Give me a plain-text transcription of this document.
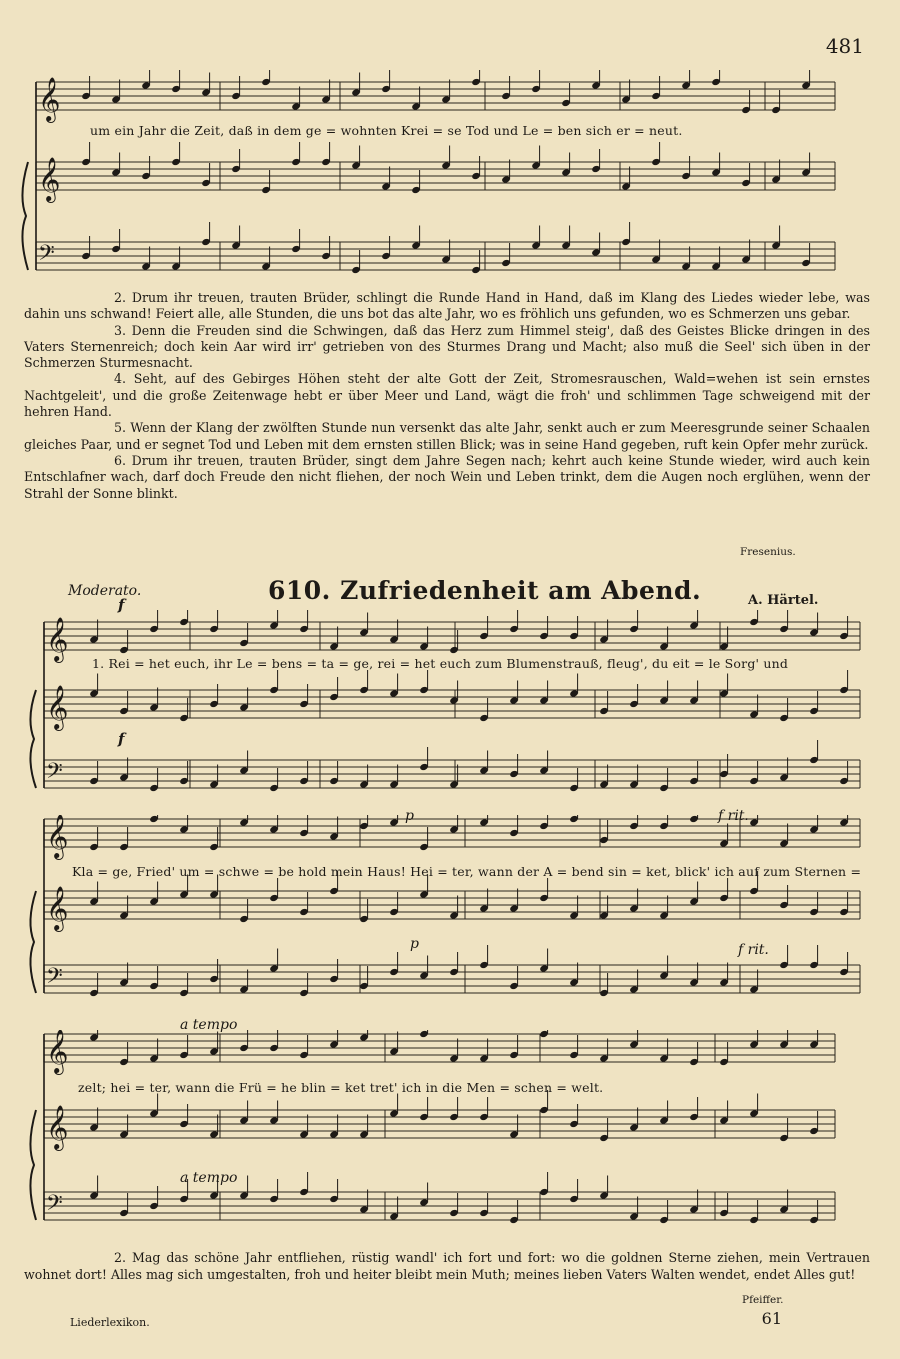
481
𝄞
𝄞
𝄢
um ein Jahr die Zeit, daß in dem ge = wohnten Krei = se Tod und Le = ben sich er = neut.

2. Drum ihr treuen, trauten Brüder, schlingt die Runde Hand in Hand, daß im Klang des Liedes wieder lebe, was dahin uns schwand! Feiert alle, alle Stunden, die uns bot das alte Jahr, wo es fröhlich uns gefunden, wo es Schmerzen uns gebar.

3. Denn die Freuden sind die Schwingen, daß das Herz zum Himmel steig', daß des Geistes Blicke dringen in des Vaters Sternenreich; doch kein Aar wird irr' getrieben von des Sturmes Drang und Macht; also muß die Seel' sich üben in der Schmerzen Sturmesnacht.

4. Seht, auf des Gebirges Höhen steht der alte Gott der Zeit, Stromesrauschen, Wald=wehen ist sein ernstes Nachtgeleit', und die große Zeitenwage hebt er über Meer und Land, wägt die froh' und schlimmen Tage schweigend mit der hehren Hand.

5. Wenn der Klang der zwölften Stunde nun versenkt das alte Jahr, senkt auch er zum Meeresgrunde seiner Schaalen gleiches Paar, und er segnet Tod und Leben mit dem ernsten stillen Blick; was in seine Hand gegeben, ruft kein Opfer mehr zurück.

6. Drum ihr treuen, trauten Brüder, singt dem Jahre Segen nach; kehrt auch keine Stunde wieder, wird auch kein Entschlafner wach, darf doch Freude den nicht fliehen, der noch Wein und Leben trinkt, dem die Augen noch erglühen, wenn der Strahl der Sonne blinkt.

Fresenius.
Moderato.	610. Zufriedenheit am Abend.	A. Härtel.
𝄞
𝄞
𝄢
f
1. Rei = het euch, ihr Le = bens = ta = ge, rei = het euch zum Blumenstrauß, fleug', du eit = le Sorg' und
f
𝄞
𝄞
𝄢
p	f rit.
Kla = ge, Fried' um = schwe = be hold mein Haus! Hei = ter, wann der A = bend sin = ket, blick' ich auf zum Sternen =
p	f rit.
𝄞
𝄞
𝄢
a tempo
zelt; hei = ter, wann die Frü = he blin = ket tret' ich in die Men = schen = welt.
a tempo

2. Mag das schöne Jahr entfliehen, rüstig wandl' ich fort und fort: wo die goldnen Sterne ziehen, mein Vertrauen wohnet dort! Alles mag sich umgestalten, froh und heiter bleibt mein Muth; meines lieben Vaters Walten wendet, endet Alles gut!

Pfeiffer.
Liederlexikon.	61
